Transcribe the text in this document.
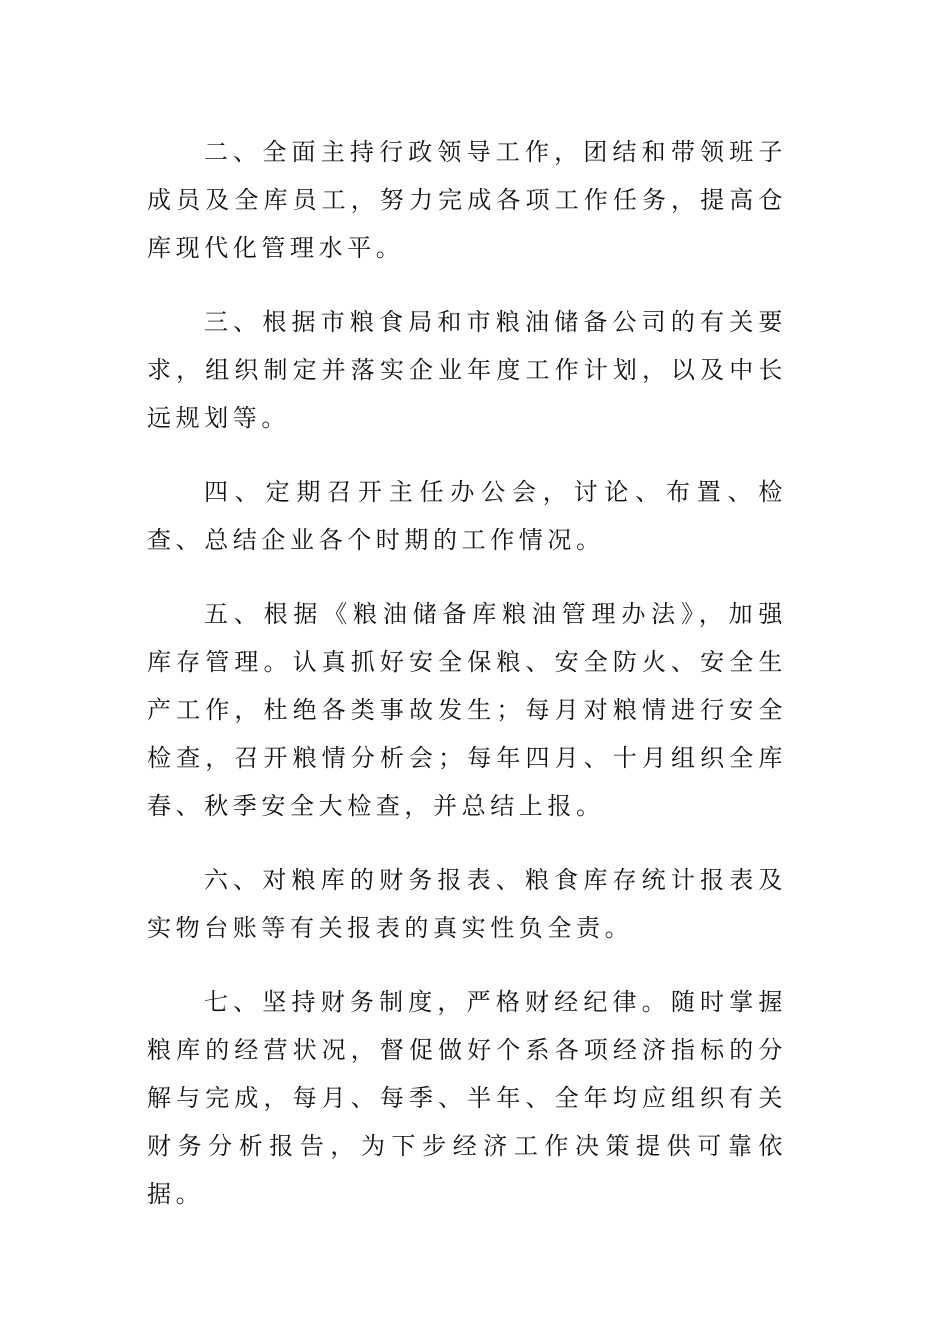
二、全面主持行政领导工作，团结和带领班子成员及全库员工，努力完成各项工作任务，提高仓库现代化管理水平。

三、根据市粮食局和市粮油储备公司的有关要求，组织制定并落实企业年度工作计划，以及中长远规划等。

四、定期召开主任办公会，讨论、布置、检查、总结企业各个时期的工作情况。

五、根据《粮油储备库粮油管理办法》，加强库存管理。认真抓好安全保粮、安全防火、安全生产工作，杜绝各类事故发生；每月对粮情进行安全检查，召开粮情分析会；每年四月、十月组织全库春、秋季安全大检查，并总结上报。

六、对粮库的财务报表、粮食库存统计报表及实物台账等有关报表的真实性负全责。

七、坚持财务制度，严格财经纪律。随时掌握粮库的经营状况，督促做好个系各项经济指标的分解与完成，每月、每季、半年、全年均应组织有关财务分析报告，为下步经济工作决策提供可靠依据。
